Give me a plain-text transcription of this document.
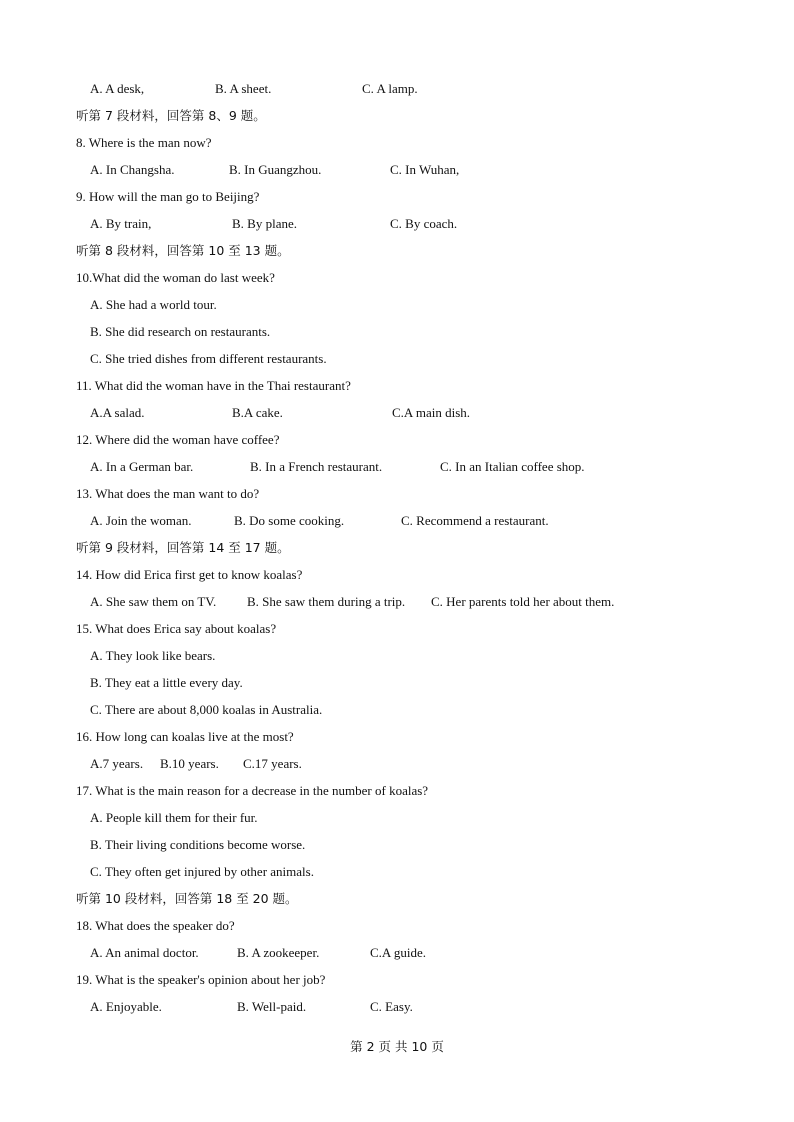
A. A desk,	B. A sheet.	C. A lamp.
听第 7 段材料，回答第 8、9 题。
8. Where is the man now?
A. In Changsha.	B. In Guangzhou.	C. In Wuhan,
9. How will the man go to Beijing?
A. By train,	B. By plane.	C. By coach.
听第 8 段材料，回答第 10 至 13 题。
10.What did the woman do last week?
A. She had a world tour.
B. She did research on restaurants.
C. She tried dishes from different restaurants.
11. What did the woman have in the Thai restaurant?
A.A salad.	B.A cake.	C.A main dish.
12. Where did the woman have coffee?
A. In a German bar.	B. In a French restaurant.	C. In an Italian coffee shop.
13. What does the man want to do?
A. Join the woman.	B. Do some cooking.	C. Recommend a restaurant.
听第 9 段材料，回答第 14 至 17 题。
14. How did Erica first get to know koalas?
A. She saw them on TV. B. She saw them during a trip. C. Her parents told her about them.
15. What does Erica say about koalas?
A. They look like bears.
B. They eat a little every day.
C. There are about 8,000 koalas in Australia.
16. How long can koalas live at the most?
A.7 years. B.10 years. C.17 years.
17. What is the main reason for a decrease in the number of koalas?
A. People kill them for their fur.
B. Their living conditions become worse.
C. They often get injured by other animals.
听第 10 段材料，回答第 18 至 20 题。
18. What does the speaker do?
A. An animal doctor.	B. A zookeeper.	C.A guide.
19. What is the speaker's opinion about her job?
A. Enjoyable.	B. Well-paid.	C. Easy.
第 2 页 共 10 页
